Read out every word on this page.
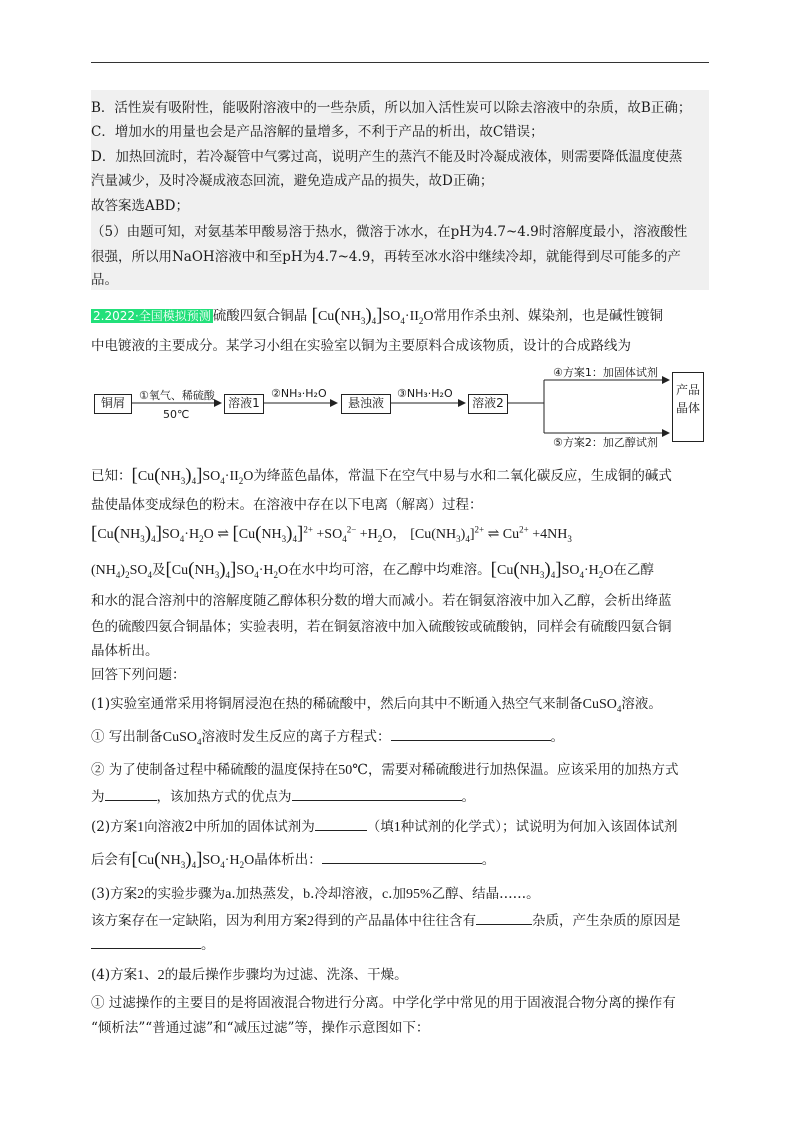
B．活性炭有吸附性，能吸附溶液中的一些杂质，所以加入活性炭可以除去溶液中的杂质，故B正确；
C．增加水的用量也会是产品溶解的量增多，不利于产品的析出，故C错误；
D．加热回流时，若冷凝管中气雾过高，说明产生的蒸汽不能及时冷凝成液体，则需要降低温度使蒸
汽量减少，及时冷凝成液态回流，避免造成产品的损失，故D正确；
故答案选ABD；
（5）由题可知，对氨基苯甲酸易溶于热水，微溶于冰水，在pH为4.7~4.9时溶解度最小，溶液酸性
很强，所以用NaOH溶液中和至pH为4.7~4.9，再转至冰水浴中继续冷却，就能得到尽可能多的产
品。
2.2022·全国模拟预测 硫酸四氨合铜晶 $[Cu(NH_3)_4]SO_4\cdot II_2O$常用作杀虫剂、媒染剂，也是碱性镀铜
中电镀液的主要成分。某学习小组在实验室以铜为主要原料合成该物质，设计的合成路线为
铜屑
①氧气、稀硫酸
50℃
溶液1
②NH₃·H₂O
悬浊液
③NH₃·H₂O
溶液2
④方案1：加固体试剂
⑤方案2：加乙醇试剂
产品晶体
已知：$[Cu(NH_3)_4]SO_4\cdot II_2O$为绛蓝色晶体，常温下在空气中易与水和二氧化碳反应，生成铜的碱式
盐使晶体变成绿色的粉末。在溶液中存在以下电离（解离）过程：
$[Cu(NH_3)_4]SO_4\cdot H_2O$ ⇌ $[Cu(NH_3)_4]^{2+} +SO_4^{2-} +H_2O$， $[Cu(NH_3)_4]^{2+}$ ⇌ $Cu^{2+} +4NH_3$
$(NH_4)_2SO_4$及$[Cu(NH_3)_4]SO_4\cdot H_2O$在水中均可溶，在乙醇中均难溶。$[Cu(NH_3)_4]SO_4\cdot H_2O$在乙醇
和水的混合溶剂中的溶解度随乙醇体积分数的增大而减小。若在铜氨溶液中加入乙醇，会析出绛蓝
色的硫酸四氨合铜晶体；实验表明，若在铜氨溶液中加入硫酸铵或硫酸钠，同样会有硫酸四氨合铜
晶体析出。
回答下列问题：
(1)实验室通常采用将铜屑浸泡在热的稀硫酸中，然后向其中不断通入热空气来制备CuSO$_4$溶液。
① 写出制备CuSO$_4$溶液时发生反应的离子方程式：	。
② 为了使制备过程中稀硫酸的温度保持在50℃，需要对稀硫酸进行加热保温。应该采用的加热方式
为	，该加热方式的优点为	。
(2)方案1向溶液2中所加的固体试剂为	（填1种试剂的化学式）；试说明为何加入该固体试剂
后会有$[Cu(NH_3)_4]SO_4\cdot H_2O$晶体析出：	。
(3)方案2的实验步骤为a.加热蒸发，b.冷却溶液，c.加95%乙醇、结晶……。
该方案存在一定缺陷，因为利用方案2得到的产品晶体中往往含有	杂质，产生杂质的原因是
。
(4)方案1、2的最后操作步骤均为过滤、洗涤、干燥。
① 过滤操作的主要目的是将固液混合物进行分离。中学化学中常见的用于固液混合物分离的操作有
“倾析法”“普通过滤”和“减压过滤”等，操作示意图如下：
